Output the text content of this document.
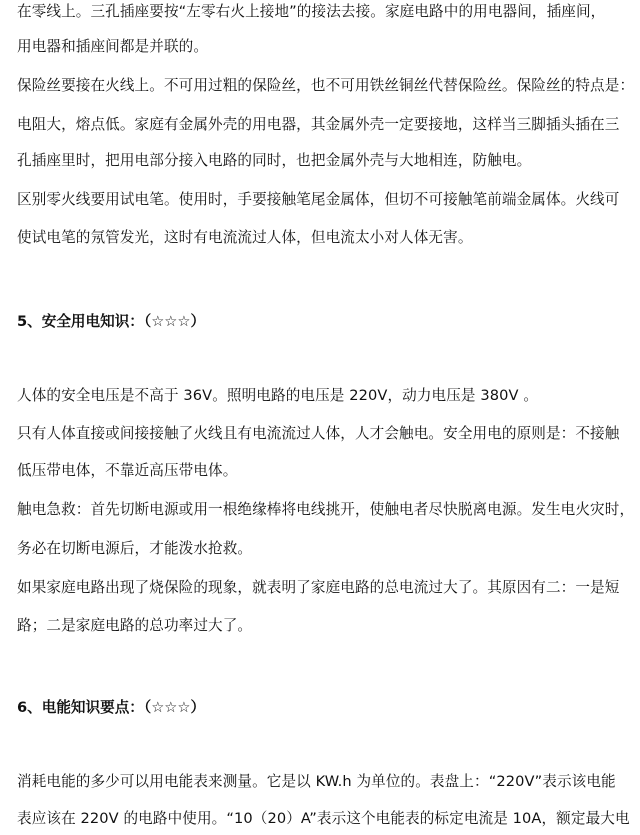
在零线上。三孔插座要按“左零右火上接地”的接法去接。家庭电路中的用电器间，插座间，
用电器和插座间都是并联的。
保险丝要接在火线上。不可用过粗的保险丝，也不可用铁丝铜丝代替保险丝。保险丝的特点是：
电阻大，熔点低。家庭有金属外壳的用电器，其金属外壳一定要接地，这样当三脚插头插在三
孔插座里时，把用电部分接入电路的同时，也把金属外壳与大地相连，防触电。
区别零火线要用试电笔。使用时，手要接触笔尾金属体，但切不可接触笔前端金属体。火线可
使试电笔的氖管发光，这时有电流流过人体，但电流太小对人体无害。
5、安全用电知识：（☆☆☆）
人体的安全电压是不高于 36V。照明电路的电压是 220V，动力电压是 380V 。
只有人体直接或间接接触了火线且有电流流过人体，人才会触电。安全用电的原则是：不接触
低压带电体，不靠近高压带电体。
触电急救：首先切断电源或用一根绝缘棒将电线挑开，使触电者尽快脱离电源。发生电火灾时，
务必在切断电源后，才能泼水抢救。
如果家庭电路出现了烧保险的现象，就表明了家庭电路的总电流过大了。其原因有二：一是短
路；二是家庭电路的总功率过大了。
6、电能知识要点：（☆☆☆）
消耗电能的多少可以用电能表来测量。它是以 KW.h 为单位的。表盘上：“220V”表示该电能
表应该在 220V 的电路中使用。“10（20）A”表示这个电能表的标定电流是 10A，额定最大电
